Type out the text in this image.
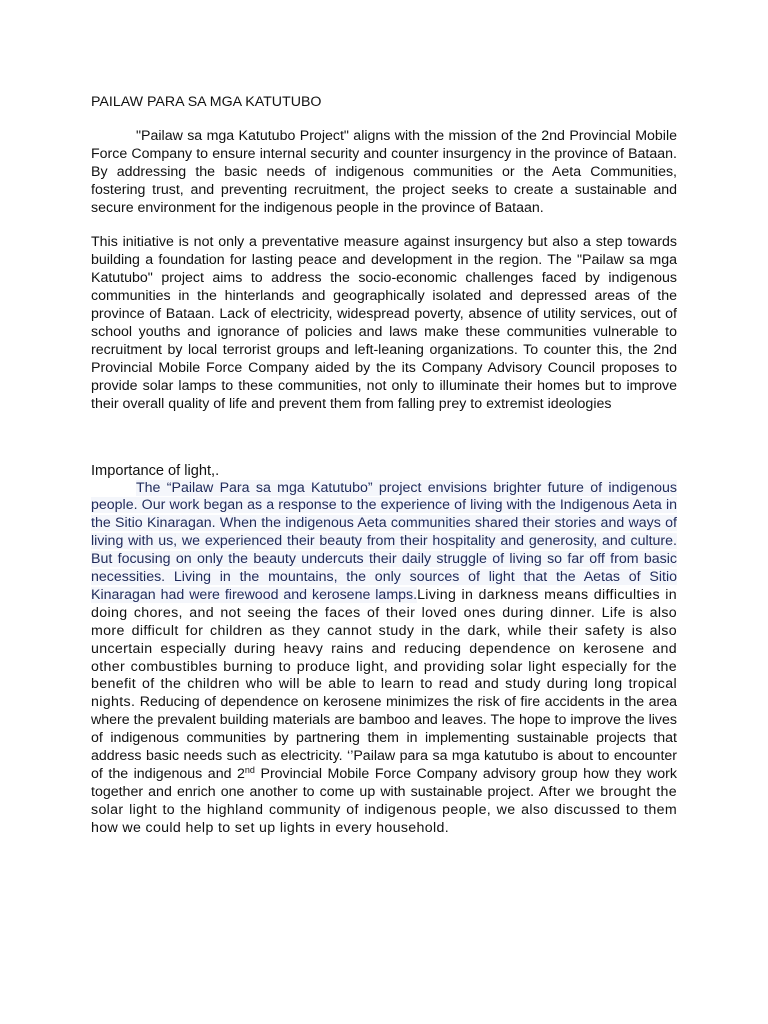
PAILAW PARA SA MGA KATUTUBO

"Pailaw sa mga Katutubo Project" aligns with the mission of the 2nd Provincial Mobile Force Company to ensure internal security and counter insurgency in the province of Bataan. By addressing the basic needs of indigenous communities or the Aeta Communities, fostering trust, and preventing recruitment, the project seeks to create a sustainable and secure environment for the indigenous people in the province of Bataan.

This initiative is not only a preventative measure against insurgency but also a step towards building a foundation for lasting peace and development in the region. The "Pailaw sa mga Katutubo" project aims to address the socio-economic challenges faced by indigenous communities in the hinterlands and geographically isolated and depressed areas of the province of Bataan. Lack of electricity, widespread poverty, absence of utility services, out of school youths and ignorance of policies and laws make these communities vulnerable to recruitment by local terrorist groups and left-leaning organizations. To counter this, the 2nd Provincial Mobile Force Company aided by the its Company Advisory Council proposes to provide solar lamps to these communities, not only to illuminate their homes but to improve their overall quality of life and prevent them from falling prey to extremist ideologies

Importance of light,.

The “Pailaw Para sa mga Katutubo” project envisions brighter future of indigenous people. Our work began as a response to the experience of living with the Indigenous Aeta in the Sitio Kinaragan. When the indigenous Aeta communities shared their stories and ways of living with us, we experienced their beauty from their hospitality and generosity, and culture. But focusing on only the beauty undercuts their daily struggle of living so far off from basic necessities. Living in the mountains, the only sources of light that the Aetas of Sitio Kinaragan had were firewood and kerosene lamps.Living in darkness means difficulties in doing chores, and not seeing the faces of their loved ones during dinner. Life is also more difficult for children as they cannot study in the dark, while their safety is also uncertain especially during heavy rains and reducing dependence on kerosene and other combustibles burning to produce light, and providing solar light especially for the benefit of the children who will be able to learn to read and study during long tropical nights. Reducing of dependence on kerosene minimizes the risk of fire accidents in the area where the prevalent building materials are bamboo and leaves. The hope to improve the lives of indigenous communities by partnering them in implementing sustainable projects that address basic needs such as electricity. ‘’Pailaw para sa mga katutubo is about to encounter of the indigenous and 2nd Provincial Mobile Force Company advisory group how they work together and enrich one another to come up with sustainable project. After we brought the solar light to the highland community of indigenous people, we also discussed to them how we could help to set up lights in every household.
